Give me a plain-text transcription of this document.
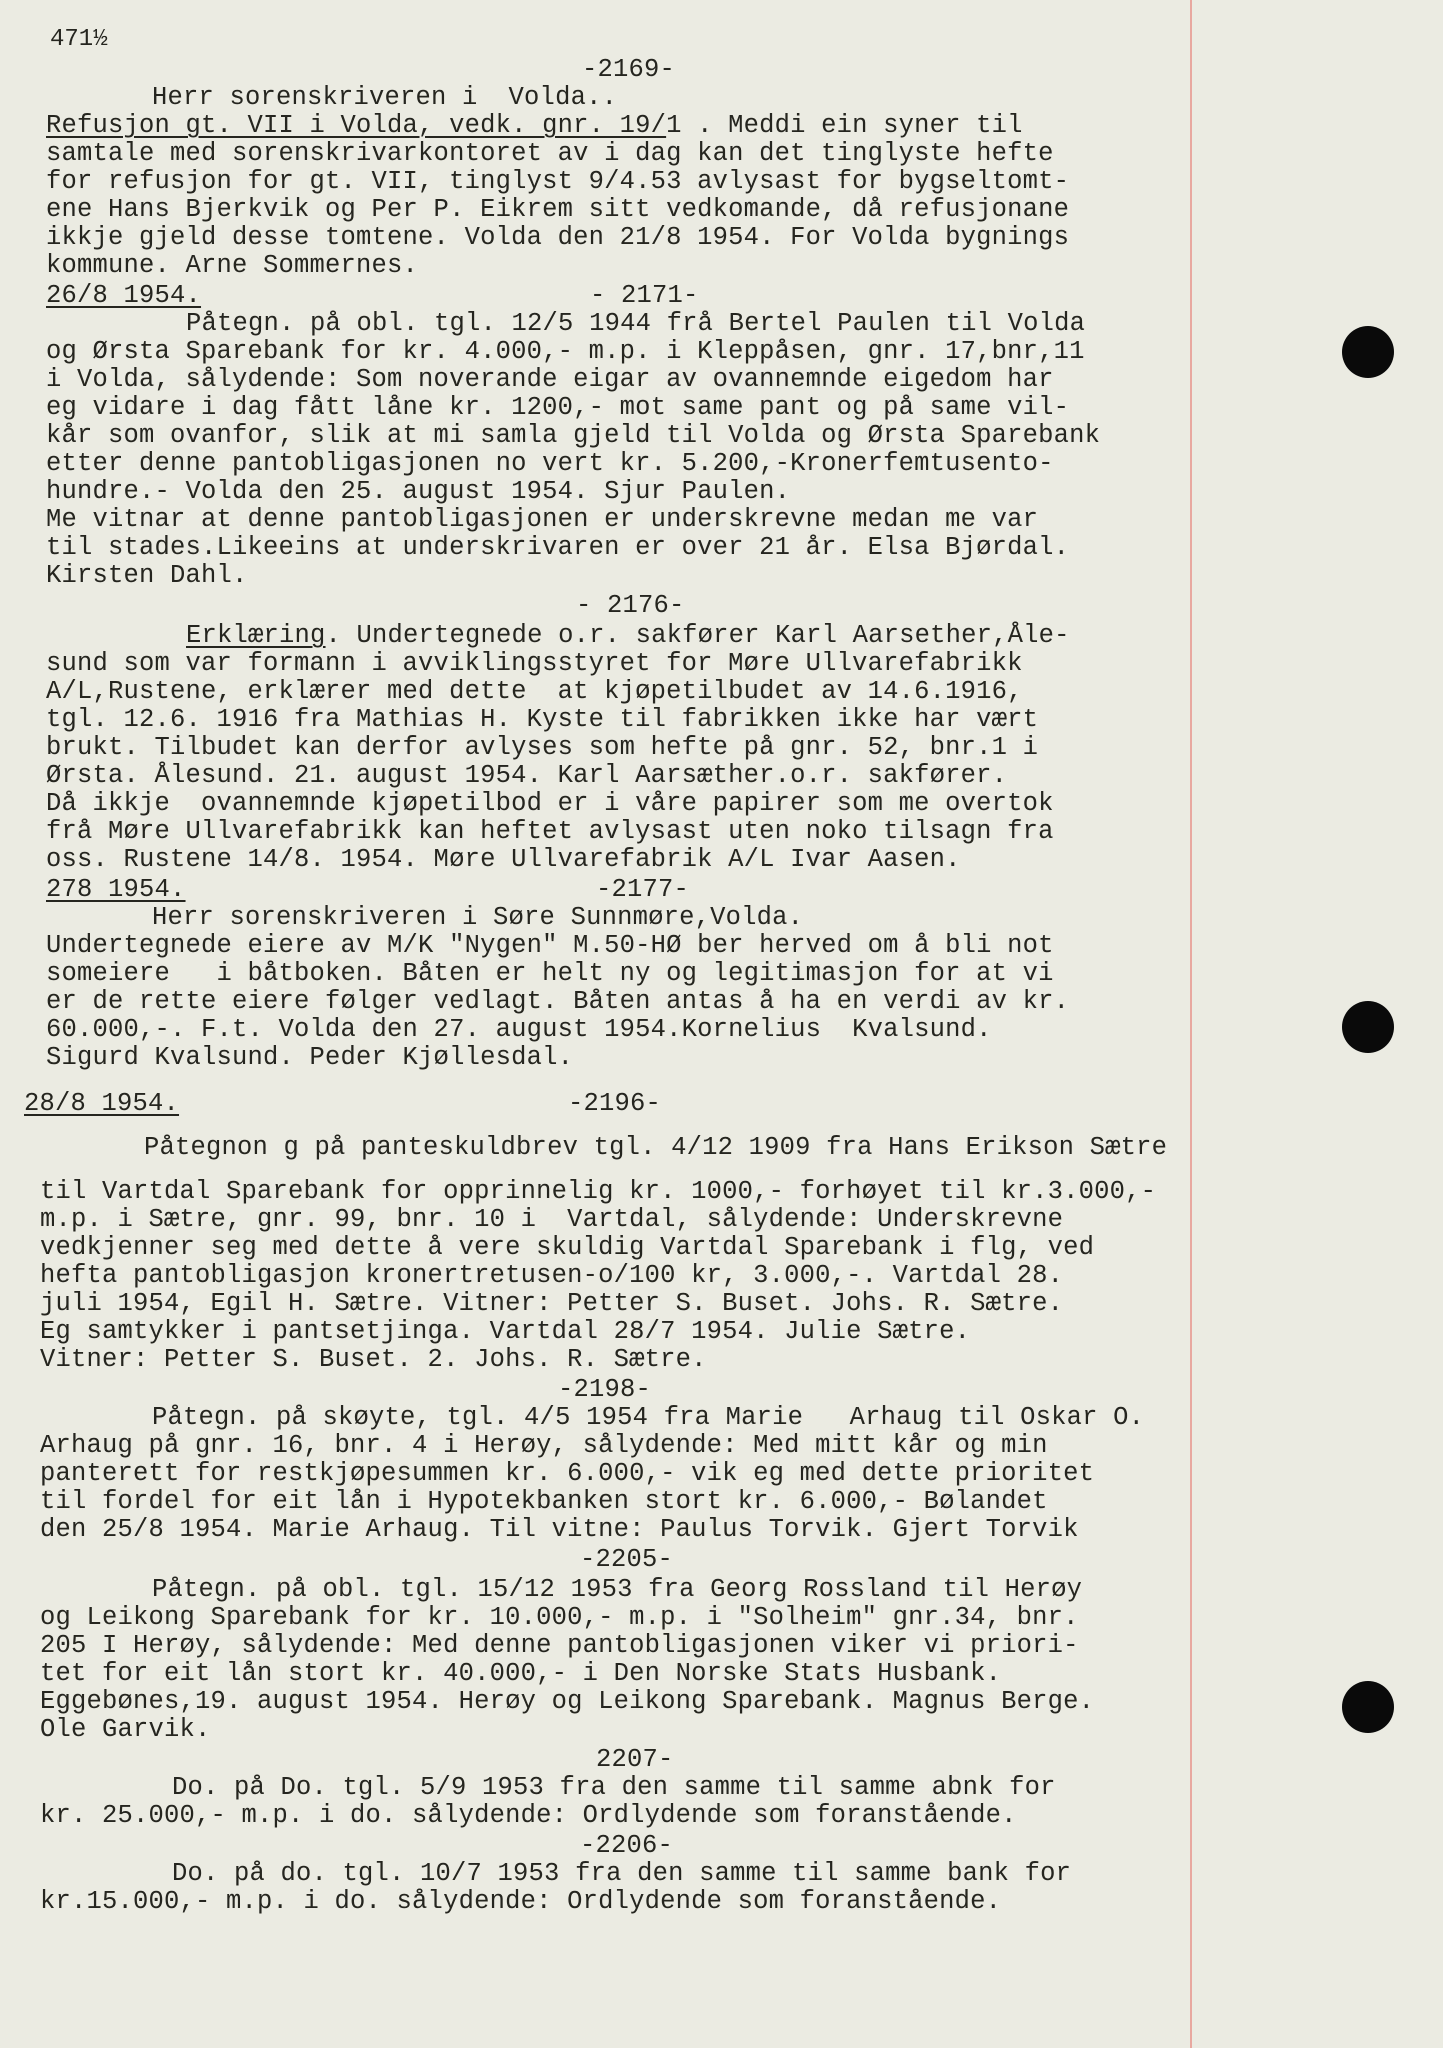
471½
-2169-
Herr sorenskriveren i  Volda..
Refusjon gt. VII i Volda, vedk. gnr. 19/1 . Meddi ein syner til
samtale med sorenskrivarkontoret av i dag kan det tinglyste hefte
for refusjon for gt. VII, tinglyst 9/4.53 avlysast for bygseltomt-
ene Hans Bjerkvik og Per P. Eikrem sitt vedkomande, då refusjonane
ikkje gjeld desse tomtene. Volda den 21/8 1954. For Volda bygnings
kommune. Arne Sommernes.
26/8 1954.	- 2171-
Påtegn. på obl. tgl. 12/5 1944 frå Bertel Paulen til Volda
og Ørsta Sparebank for kr. 4.000,- m.p. i Kleppåsen, gnr. 17,bnr,11
i Volda, sålydende: Som noverande eigar av ovannemnde eigedom har
eg vidare i dag fått låne kr. 1200,- mot same pant og på same vil-
kår som ovanfor, slik at mi samla gjeld til Volda og Ørsta Sparebank
etter denne pantobligasjonen no vert kr. 5.200,-Kronerfemtusento-
hundre.- Volda den 25. august 1954. Sjur Paulen.
Me vitnar at denne pantobligasjonen er underskrevne medan me var
til stades.Likeeins at underskrivaren er over 21 år. Elsa Bjørdal.
Kirsten Dahl.
- 2176-
Erklæring. Undertegnede o.r. sakfører Karl Aarsether,Åle-
sund som var formann i avviklingsstyret for Møre Ullvarefabrikk
A/L,Rustene, erklærer med dette  at kjøpetilbudet av 14.6.1916,
tgl. 12.6. 1916 fra Mathias H. Kyste til fabrikken ikke har vært
brukt. Tilbudet kan derfor avlyses som hefte på gnr. 52, bnr.1 i
Ørsta. Ålesund. 21. august 1954. Karl Aarsæther.o.r. sakfører.
Då ikkje  ovannemnde kjøpetilbod er i våre papirer som me overtok
frå Møre Ullvarefabrikk kan heftet avlysast uten noko tilsagn fra
oss. Rustene 14/8. 1954. Møre Ullvarefabrik A/L Ivar Aasen.
278 1954.	-2177-
Herr sorenskriveren i Søre Sunnmøre,Volda.
Undertegnede eiere av M/K "Nygen" M.50-HØ ber herved om å bli not
someiere   i båtboken. Båten er helt ny og legitimasjon for at vi
er de rette eiere følger vedlagt. Båten antas å ha en verdi av kr.
60.000,-. F.t. Volda den 27. august 1954.Kornelius  Kvalsund.
Sigurd Kvalsund. Peder Kjøllesdal.
28/8 1954.	-2196-
Påtegnon g på panteskuldbrev tgl. 4/12 1909 fra Hans Erikson Sætre
til Vartdal Sparebank for opprinnelig kr. 1000,- forhøyet til kr.3.000,-
m.p. i Sætre, gnr. 99, bnr. 10 i  Vartdal, sålydende: Underskrevne
vedkjenner seg med dette å vere skuldig Vartdal Sparebank i flg, ved
hefta pantobligasjon kronertretusen-o/100 kr, 3.000,-. Vartdal 28.
juli 1954, Egil H. Sætre. Vitner: Petter S. Buset. Johs. R. Sætre.
Eg samtykker i pantsetjinga. Vartdal 28/7 1954. Julie Sætre.
Vitner: Petter S. Buset. 2. Johs. R. Sætre.
-2198-
Påtegn. på skøyte, tgl. 4/5 1954 fra Marie   Arhaug til Oskar O.
Arhaug på gnr. 16, bnr. 4 i Herøy, sålydende: Med mitt kår og min
panterett for restkjøpesummen kr. 6.000,- vik eg med dette prioritet
til fordel for eit lån i Hypotekbanken stort kr. 6.000,- Bølandet
den 25/8 1954. Marie Arhaug. Til vitne: Paulus Torvik. Gjert Torvik
-2205-
Påtegn. på obl. tgl. 15/12 1953 fra Georg Rossland til Herøy
og Leikong Sparebank for kr. 10.000,- m.p. i "Solheim" gnr.34, bnr.
205 I Herøy, sålydende: Med denne pantobligasjonen viker vi priori-
tet for eit lån stort kr. 40.000,- i Den Norske Stats Husbank.
Eggebønes,19. august 1954. Herøy og Leikong Sparebank. Magnus Berge.
Ole Garvik.
2207-
Do. på Do. tgl. 5/9 1953 fra den samme til samme abnk for
kr. 25.000,- m.p. i do. sålydende: Ordlydende som foranstående.
-2206-
Do. på do. tgl. 10/7 1953 fra den samme til samme bank for
kr.15.000,- m.p. i do. sålydende: Ordlydende som foranstående.
